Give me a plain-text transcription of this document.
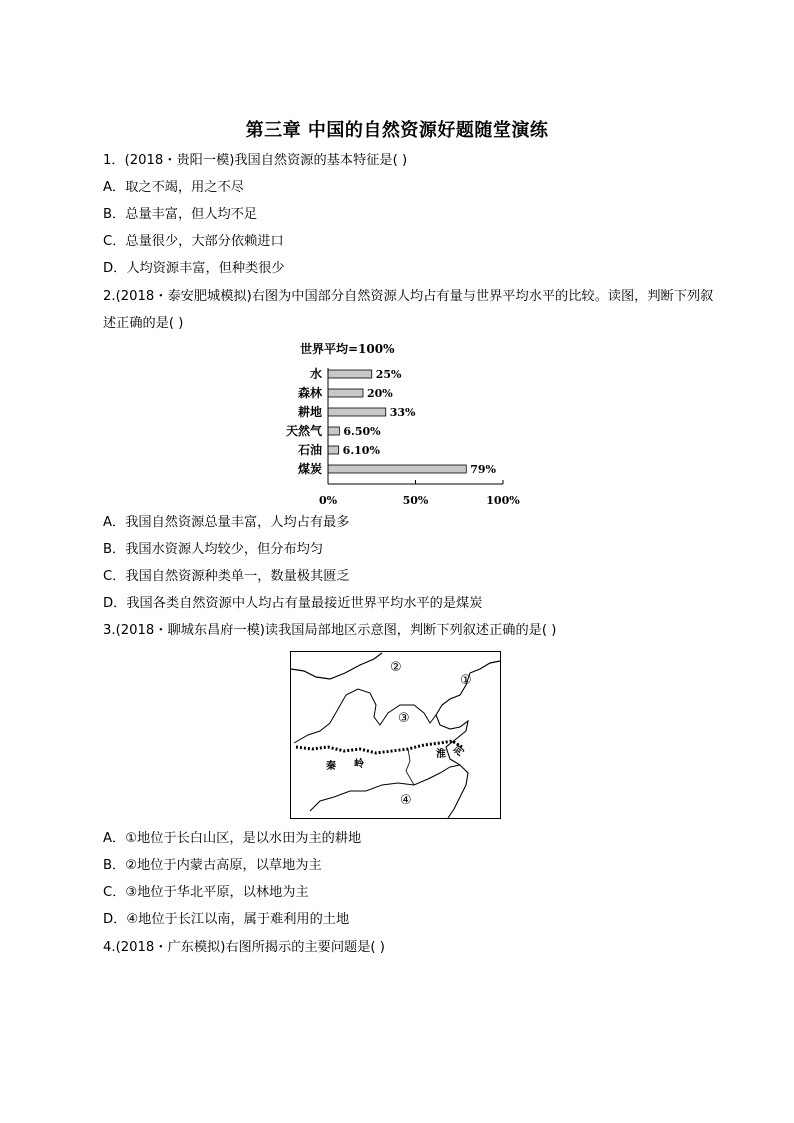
第三章 中国的自然资源好题随堂演练
1．(2018・贵阳一模)我国自然资源的基本特征是( )
A．取之不竭，用之不尽
B．总量丰富，但人均不足
C．总量很少，大部分依赖进口
D．人均资源丰富，但种类很少
2.(2018・泰安肥城模拟)右图为中国部分自然资源人均占有量与世界平均水平的比较。读图，判断下列叙
述正确的是( )
世界平均=100%
水	25%
森林	20%
耕地	33%
天然气 6.50%
石油 6.10%
煤炭	79%
0%	50%	100%
A．我国自然资源总量丰富，人均占有最多
B．我国水资源人均较少，但分布均匀
C．我国自然资源种类单一，数量极其匮乏
D．我国各类自然资源中人均占有量最接近世界平均水平的是煤炭
3.(2018・聊城东昌府一模)读我国局部地区示意图，判断下列叙述正确的是( )
②
①
③
④
淮 河
秦 岭
A．①地位于长白山区，是以水田为主的耕地
B．②地位于内蒙古高原，以草地为主
C．③地位于华北平原，以林地为主
D．④地位于长江以南，属于难利用的土地
4.(2018・广东模拟)右图所揭示的主要问题是( )
